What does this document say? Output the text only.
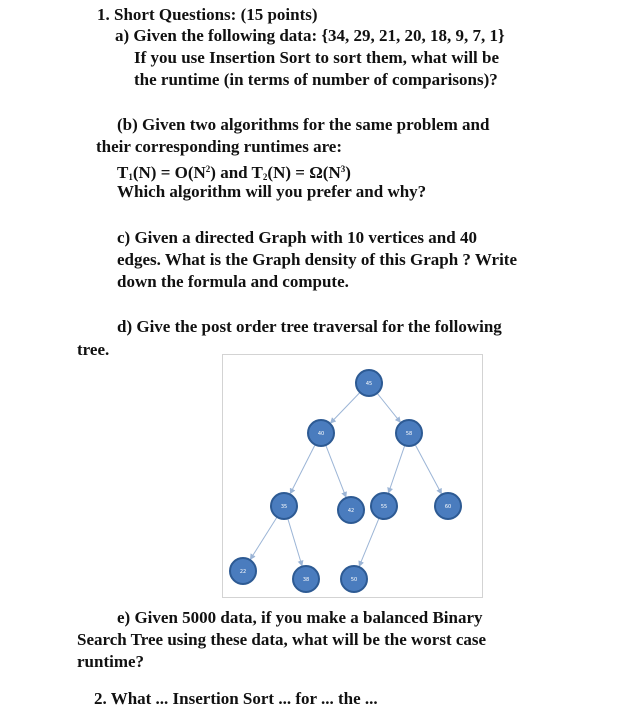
1. Short Questions: (15 points)
a) Given the following data: {34, 29, 21, 20, 18, 9, 7, 1}
If you use Insertion Sort to sort them, what will be
the runtime (in terms of number of comparisons)?
(b) Given two algorithms for the same problem and
their corresponding runtimes are:
$T_1(N) = O(N^2)$ and $T_2(N) = \Omega(N^3)$
Which algorithm will you prefer and why?
c) Given a directed Graph with 10 vertices and 40
edges. What is the Graph density of this Graph ? Write
down the formula and compute.
d) Give the post order tree traversal for the following
tree.
45
40	58
35
42
55	60
22
38	50
e) Given 5000 data, if you make a balanced Binary
Search Tree using these data, what will be the worst case
runtime?
2. What ... Insertion Sort ... for ... the ...
